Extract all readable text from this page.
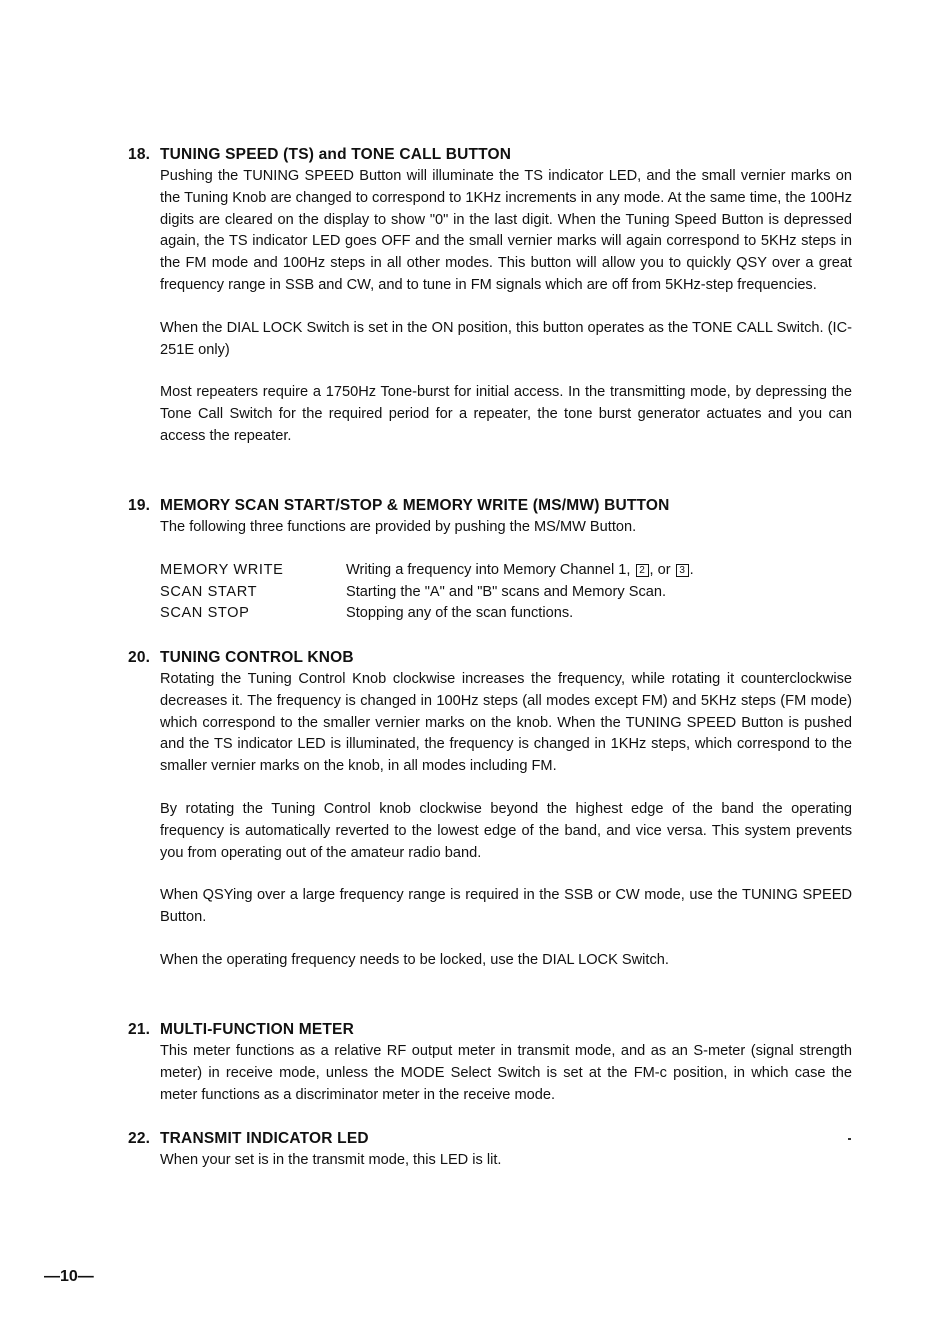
18. TUNING SPEED (TS) and TONE CALL BUTTON
Pushing the TUNING SPEED Button will illuminate the TS indicator LED, and the small vernier marks on the Tuning Knob are changed to correspond to 1KHz increments in any mode. At the same time, the 100Hz digits are cleared on the display to show "0" in the last digit. When the Tuning Speed Button is depressed again, the TS indicator LED goes OFF and the small vernier marks will again correspond to 5KHz steps in the FM mode and 100Hz steps in all other modes. This button will allow you to quickly QSY over a great frequency range in SSB and CW, and to tune in FM signals which are off from 5KHz-step frequencies.
When the DIAL LOCK Switch is set in the ON position, this button operates as the TONE CALL Switch. (IC-251E only)
Most repeaters require a 1750Hz Tone-burst for initial access. In the transmitting mode, by depressing the Tone Call Switch for the required period for a repeater, the tone burst generator actuates and you can access the repeater.
19. MEMORY SCAN START/STOP & MEMORY WRITE (MS/MW) BUTTON
The following three functions are provided by pushing the MS/MW Button.
MEMORY WRITE	Writing a frequency into Memory Channel 1, 2 , or 3 .
SCAN START	Starting the "A" and "B" scans and Memory Scan.
SCAN STOP	Stopping any of the scan functions.
20. TUNING CONTROL KNOB
Rotating the Tuning Control Knob clockwise increases the frequency, while rotating it counterclockwise decreases it. The frequency is changed in 100Hz steps (all modes except FM) and 5KHz steps (FM mode) which correspond to the smaller vernier marks on the knob. When the TUNING SPEED Button is pushed and the TS indicator LED is illuminated, the frequency is changed in 1KHz steps, which correspond to the smaller vernier marks on the knob, in all modes including FM.
By rotating the Tuning Control knob clockwise beyond the highest edge of the band the operating frequency is automatically reverted to the lowest edge of the band, and vice versa. This system prevents you from operating out of the amateur radio band.
When QSYing over a large frequency range is required in the SSB or CW mode, use the TUNING SPEED Button.
When the operating frequency needs to be locked, use the DIAL LOCK Switch.
21. MULTI-FUNCTION METER
This meter functions as a relative RF output meter in transmit mode, and as an S-meter (signal strength meter) in receive mode, unless the MODE Select Switch is set at the FM-c position, in which case the meter functions as a discriminator meter in the receive mode.
22. TRANSMIT INDICATOR LED
When your set is in the transmit mode, this LED is lit.
—10—
